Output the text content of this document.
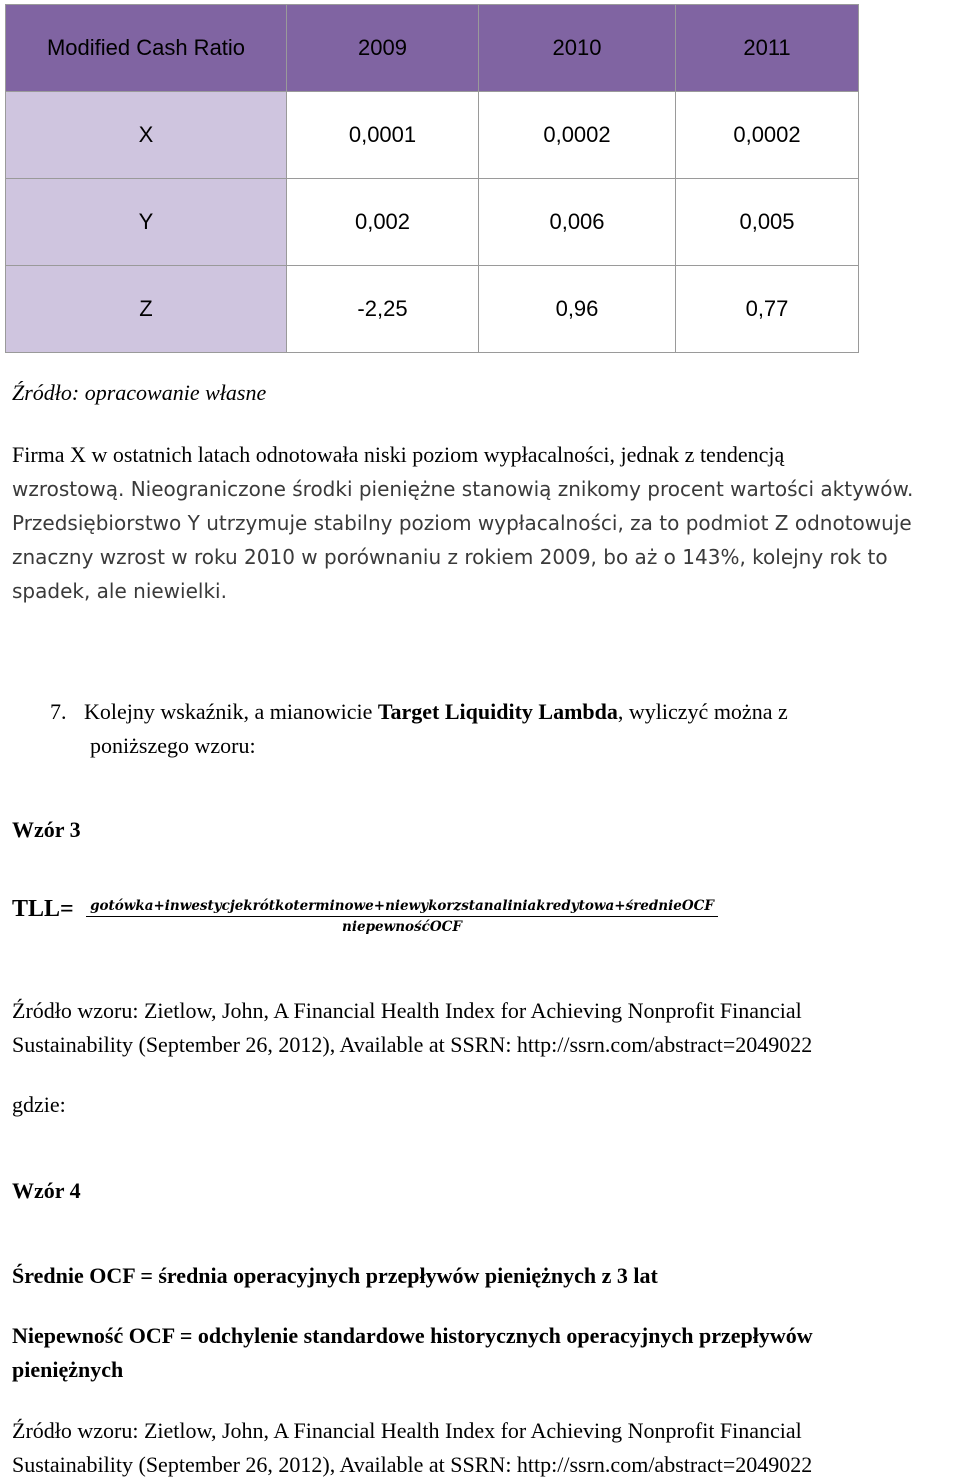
Modified Cash Ratio	2009	2010	2011
X	0,0001	0,0002	0,0002
Y	0,002	0,006	0,005
Z	-2,25	0,96	0,77
Źródło: opracowanie własne
Firma X w ostatnich latach odnotowała niski poziom wypłacalności, jednak z tendencją
wzrostową. Nieograniczone środki pieniężne stanowią znikomy procent wartości aktywów.
Przedsiębiorstwo Y utrzymuje stabilny poziom wypłacalności, za to podmiot Z odnotowuje
znaczny wzrost w roku 2010 w porównaniu z rokiem 2009, bo aż o 143%, kolejny rok to
spadek, ale niewielki.
7. Kolejny wskaźnik, a mianowicie Target Liquidity Lambda, wyliczyć można z
poniższego wzoru:
Wzór 3
TLL=	gotówka+inwestycjekrótkoterminowe+niewykorzstanaliniakredytowa+średnieOCF
niepewnośćOCF
Źródło wzoru: Zietlow, John, A Financial Health Index for Achieving Nonprofit Financial
Sustainability (September 26, 2012), Available at SSRN: http://ssrn.com/abstract=2049022
gdzie:
Wzór 4
Średnie OCF = średnia operacyjnych przepływów pieniężnych z 3 lat
Niepewność OCF = odchylenie standardowe historycznych operacyjnych przepływów
pieniężnych
Źródło wzoru: Zietlow, John, A Financial Health Index for Achieving Nonprofit Financial
Sustainability (September 26, 2012), Available at SSRN: http://ssrn.com/abstract=2049022
